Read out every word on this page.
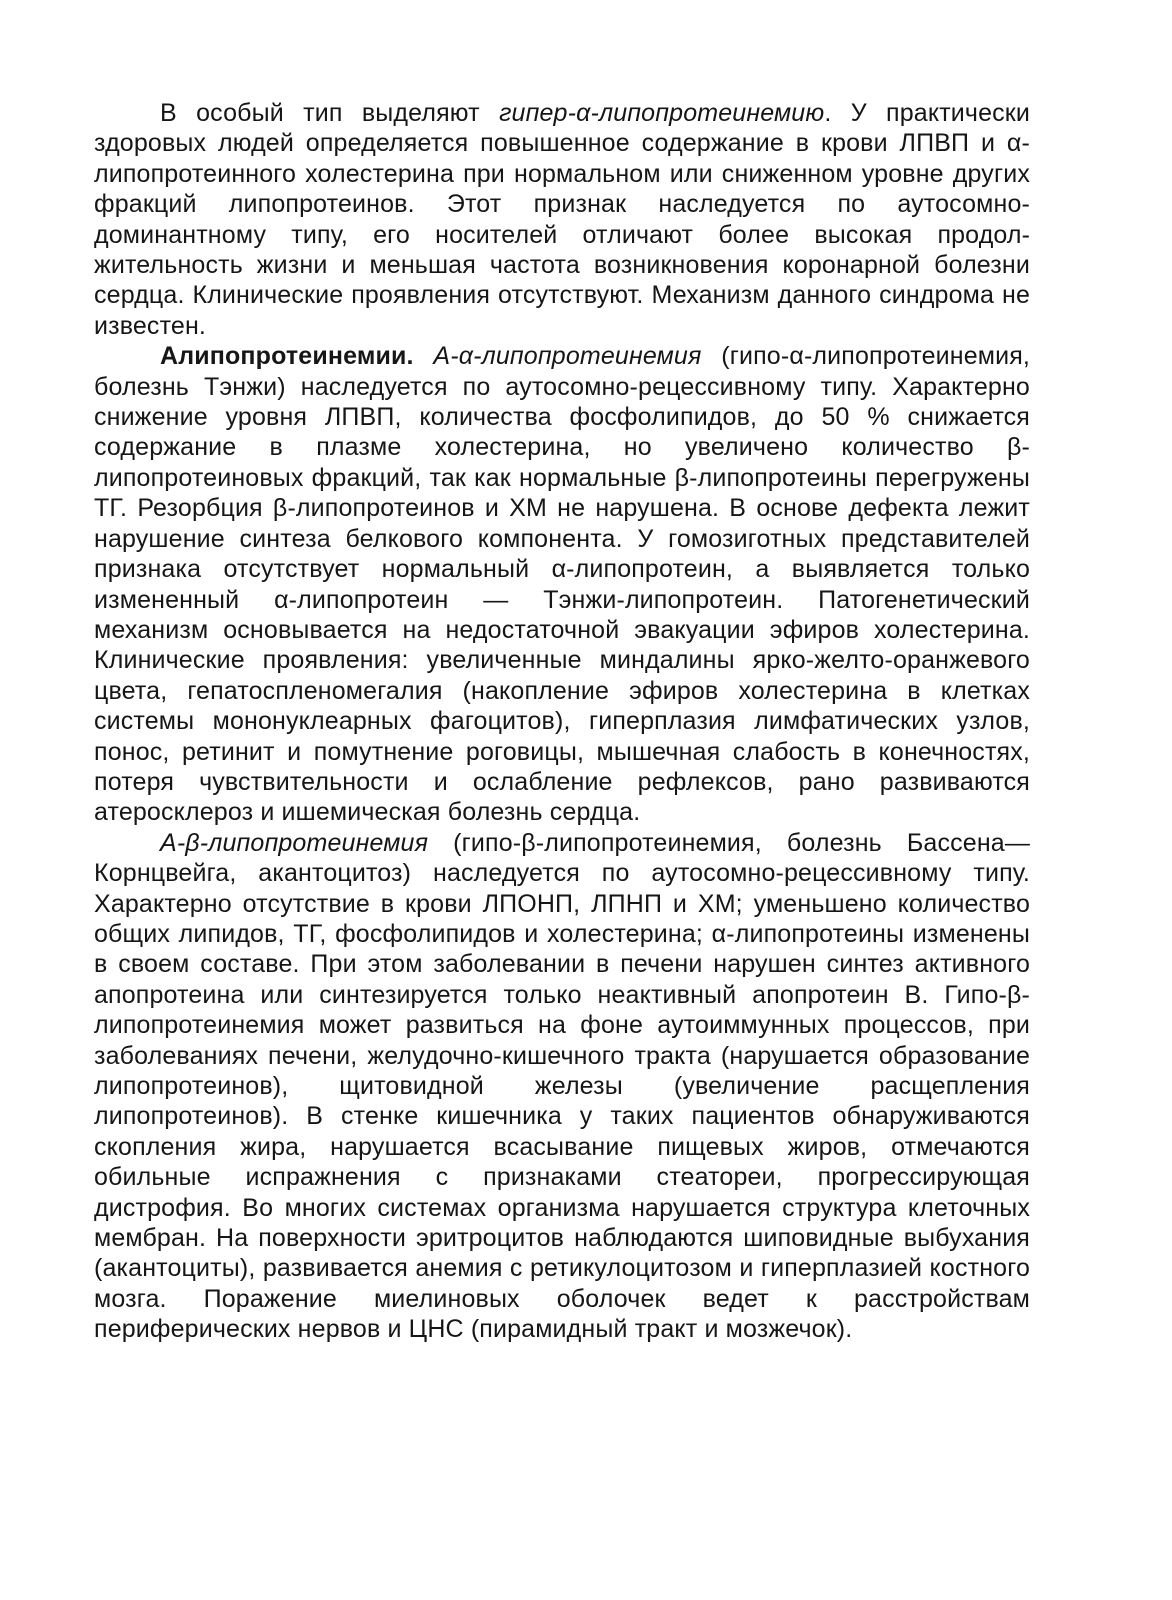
В особый тип выделяют гипер-α-липопротеинемию. У практически здоровых людей определяется повышенное содержание в крови ЛПВП и α-липопротеинного холестерина при нормальном или сниженном уровне других фракций липопротеинов. Этот признак наследуется по аутосомно-доминантному типу, его носителей отличают более высокая продолжительность жизни и меньшая частота возникновения коронарной болезни сердца. Клинические проявления отсутствуют. Механизм данного синдрома не известен.

Алипопротеинемии. А-α-липопротеинемия (гипо-α-липопротеинемия, болезнь Тэнжи) наследуется по аутосомно-рецессивному типу. Характерно снижение уровня ЛПВП, количества фосфолипидов, до 50 % снижается содержание в плазме холестерина, но увеличено количество β-липопротеиновых фракций, так как нормальные β-липопротеины перегружены ТГ. Резорбция β-липопротеинов и ХМ не нарушена. В основе дефекта лежит нарушение синтеза белкового компонента. У гомозиготных представителей признака отсутствует нормальный α-липопротеин, а выявляетcя только измененный α-липопротеин — Тэнжи-липопротеин. Патогенетический механизм основывается на недостаточной эвакуации эфиров холестерина. Клинические проявления: увеличенные миндалины ярко-желто-оранжевого цвета, гепатоспленомегалия (накопление эфиров холестерина в клетках системы мононуклеарных фагоцитов), гиперплазия лимфатических узлов, понос, ретинит и помутнение роговицы, мышечная слабость в конечностях, потеря чувствительности и ослабление рефлексов, рано развиваются атеросклероз и ишемическая болезнь сердца.

А-β-липопротеинемия (гипо-β-липопротеинемия, болезнь Бассена—Корнцвейга, акантоцитоз) наследуется по аутосомно-рецессивному типу. Характерно отсутствие в крови ЛПОНП, ЛПНП и ХМ; уменьшено количество общих липидов, ТГ, фосфолипидов и холестерина; α-липопротеины изменены в своем составе. При этом заболевании в печени нарушен синтез активного апопротеина или синтезируется только неактивный апопротеин В. Гипо-β-липопротеинемия может развиться на фоне аутоиммунных процессов, при заболеваниях печени, желудочно-кишечного тракта (нарушается образование липопротеинов), щитовидной железы (увеличение расщепления липопротеинов). В стенке кишечника у таких пациентов обнаруживаются скопления жира, нарушается всасывание пищевых жиров, отмечаются обильные испражнения с признаками стеатореи, прогрессирующая дистрофия. Во многих системах организма нарушается структура клеточных мембран. На поверхности эритроцитов наблюдаются шиповидные выбухания (акантоциты), развивается анемия с ретикулоцитозом и гиперплазией костного мозга. Поражение миелиновых оболочек ведет к расстройствам периферических нервов и ЦНС (пирамидный тракт и мозжечок).
